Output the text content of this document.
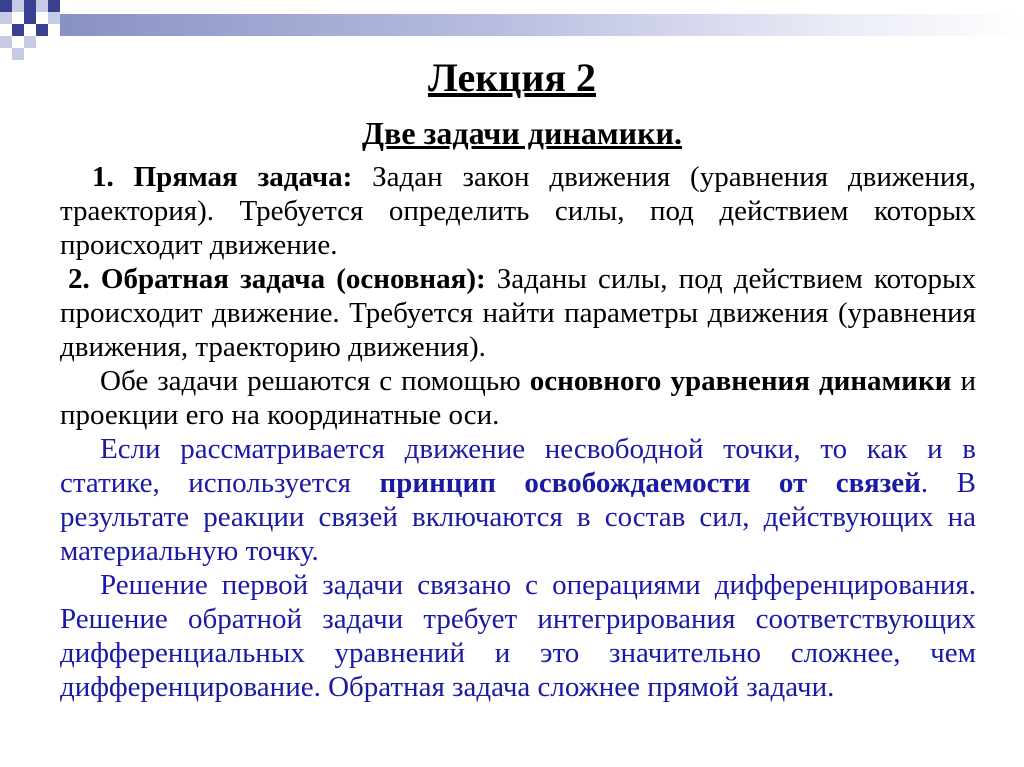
Лекция 2
Две задачи динамики.

1. Прямая задача: Задан закон движения (уравнения движения, траектория). Требуется определить силы, под действием которых происходит движение.

2. Обратная задача (основная): Заданы силы, под действием которых происходит движение. Требуется найти параметры движения (уравнения движения, траекторию движения).

Обе задачи решаются с помощью основного уравнения динамики и проекции его на координатные оси.

Если рассматривается движение несвободной точки, то как и в статике, используется принцип освобождаемости от связей. В результате реакции связей включаются в состав сил, действующих на материальную точку.

Решение первой задачи связано с операциями дифференцирования. Решение обратной задачи требует интегрирования соответствующих дифференциальных уравнений и это значительно сложнее, чем дифференцирование. Обратная задача сложнее прямой задачи.
